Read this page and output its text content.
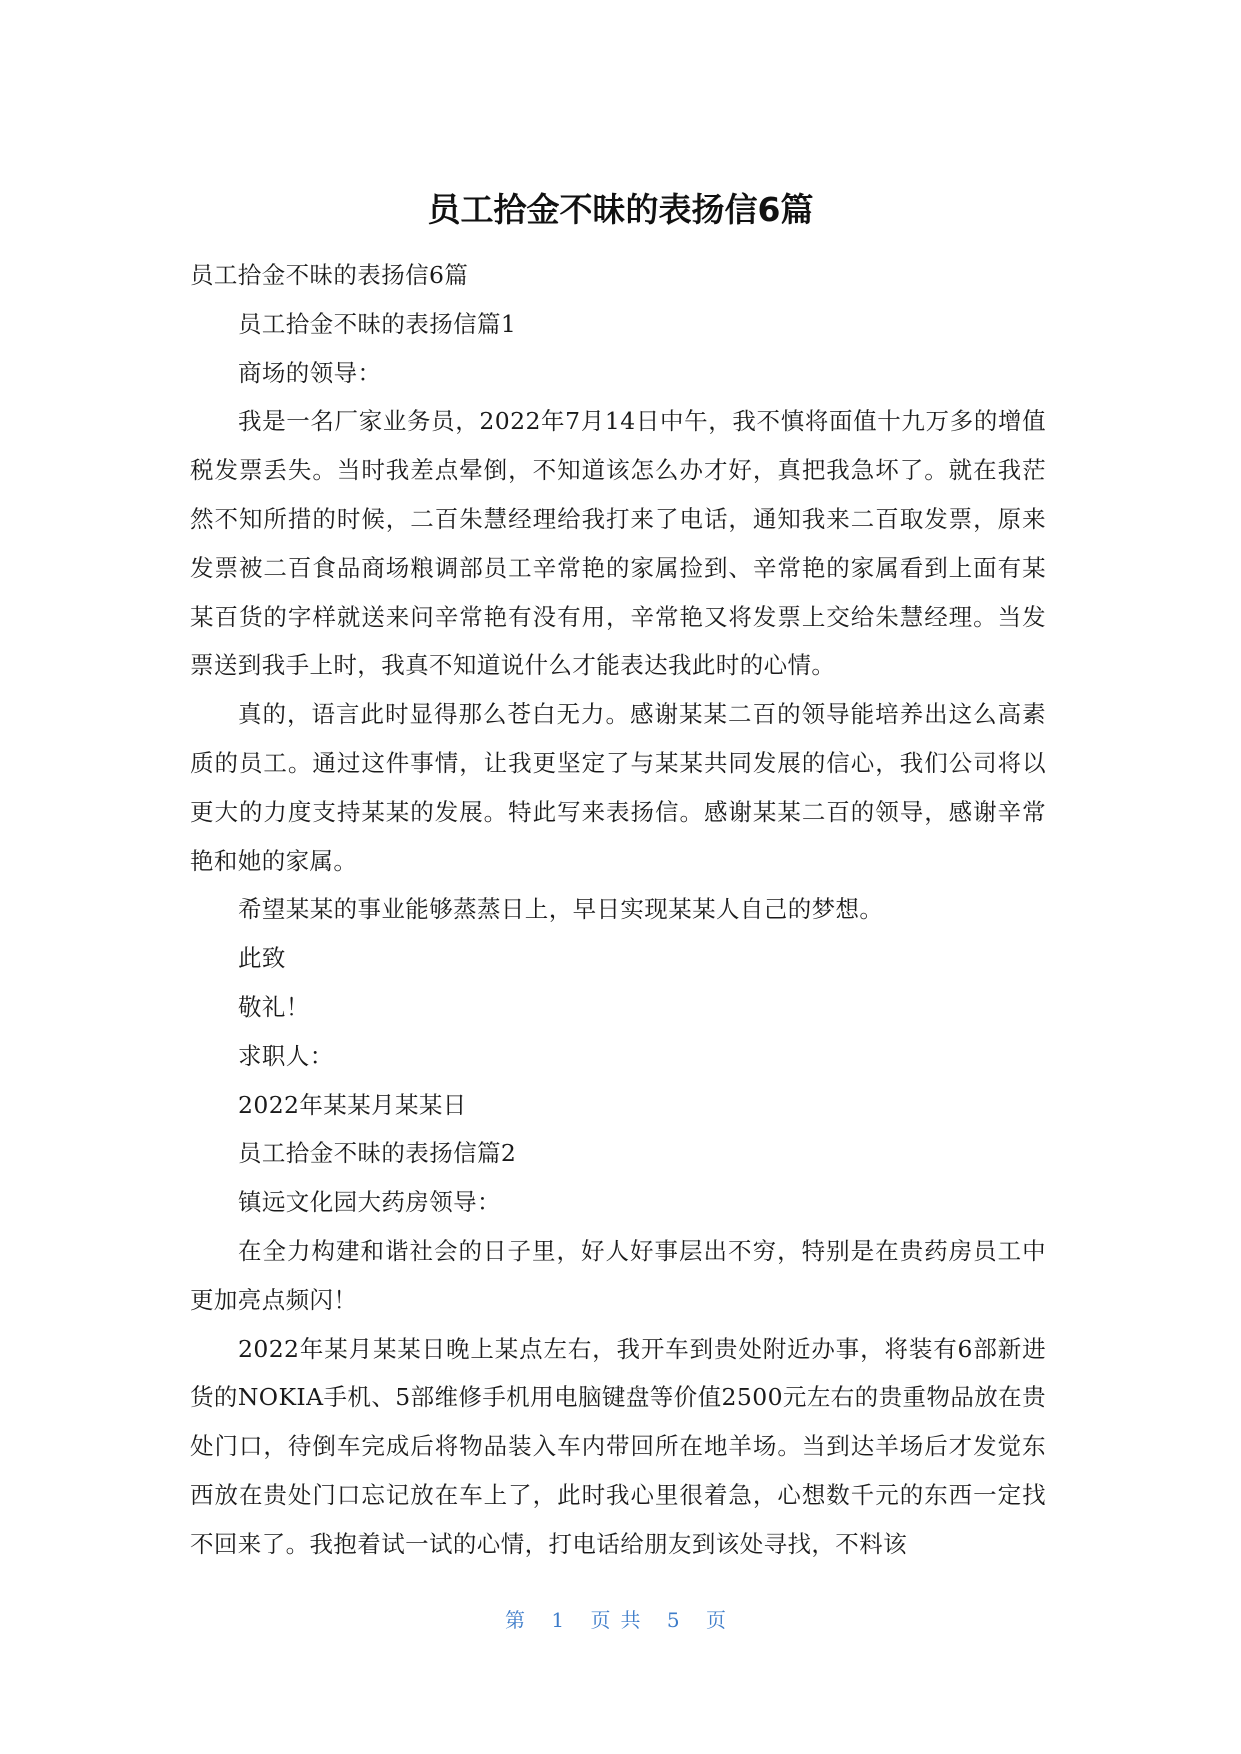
员工拾金不昧的表扬信6篇

员工拾金不昧的表扬信6篇

员工拾金不昧的表扬信篇1

商场的领导：

我是一名厂家业务员，2022年7月14日中午，我不慎将面值十九万多的增值税发票丢失。当时我差点晕倒，不知道该怎么办才好，真把我急坏了。就在我茫然不知所措的时候，二百朱慧经理给我打来了电话，通知我来二百取发票，原来发票被二百食品商场粮调部员工辛常艳的家属捡到、辛常艳的家属看到上面有某某百货的字样就送来问辛常艳有没有用，辛常艳又将发票上交给朱慧经理。当发票送到我手上时，我真不知道说什么才能表达我此时的心情。

真的，语言此时显得那么苍白无力。感谢某某二百的领导能培养出这么高素质的员工。通过这件事情，让我更坚定了与某某共同发展的信心，我们公司将以更大的力度支持某某的发展。特此写来表扬信。感谢某某二百的领导，感谢辛常艳和她的家属。

希望某某的事业能够蒸蒸日上，早日实现某某人自己的梦想。

此致

敬礼！

求职人：

2022年某某月某某日

员工拾金不昧的表扬信篇2

镇远文化园大药房领导：

在全力构建和谐社会的日子里，好人好事层出不穷，特别是在贵药房员工中更加亮点频闪！

2022年某月某某日晚上某点左右，我开车到贵处附近办事，将装有6部新进货的NOKIA手机、5部维修手机用电脑键盘等价值2500元左右的贵重物品放在贵处门口，待倒车完成后将物品装入车内带回所在地羊场。当到达羊场后才发觉东西放在贵处门口忘记放在车上了，此时我心里很着急，心想数千元的东西一定找不回来了。我抱着试一试的心情，打电话给朋友到该处寻找，不料该

第 1 页共 5 页
